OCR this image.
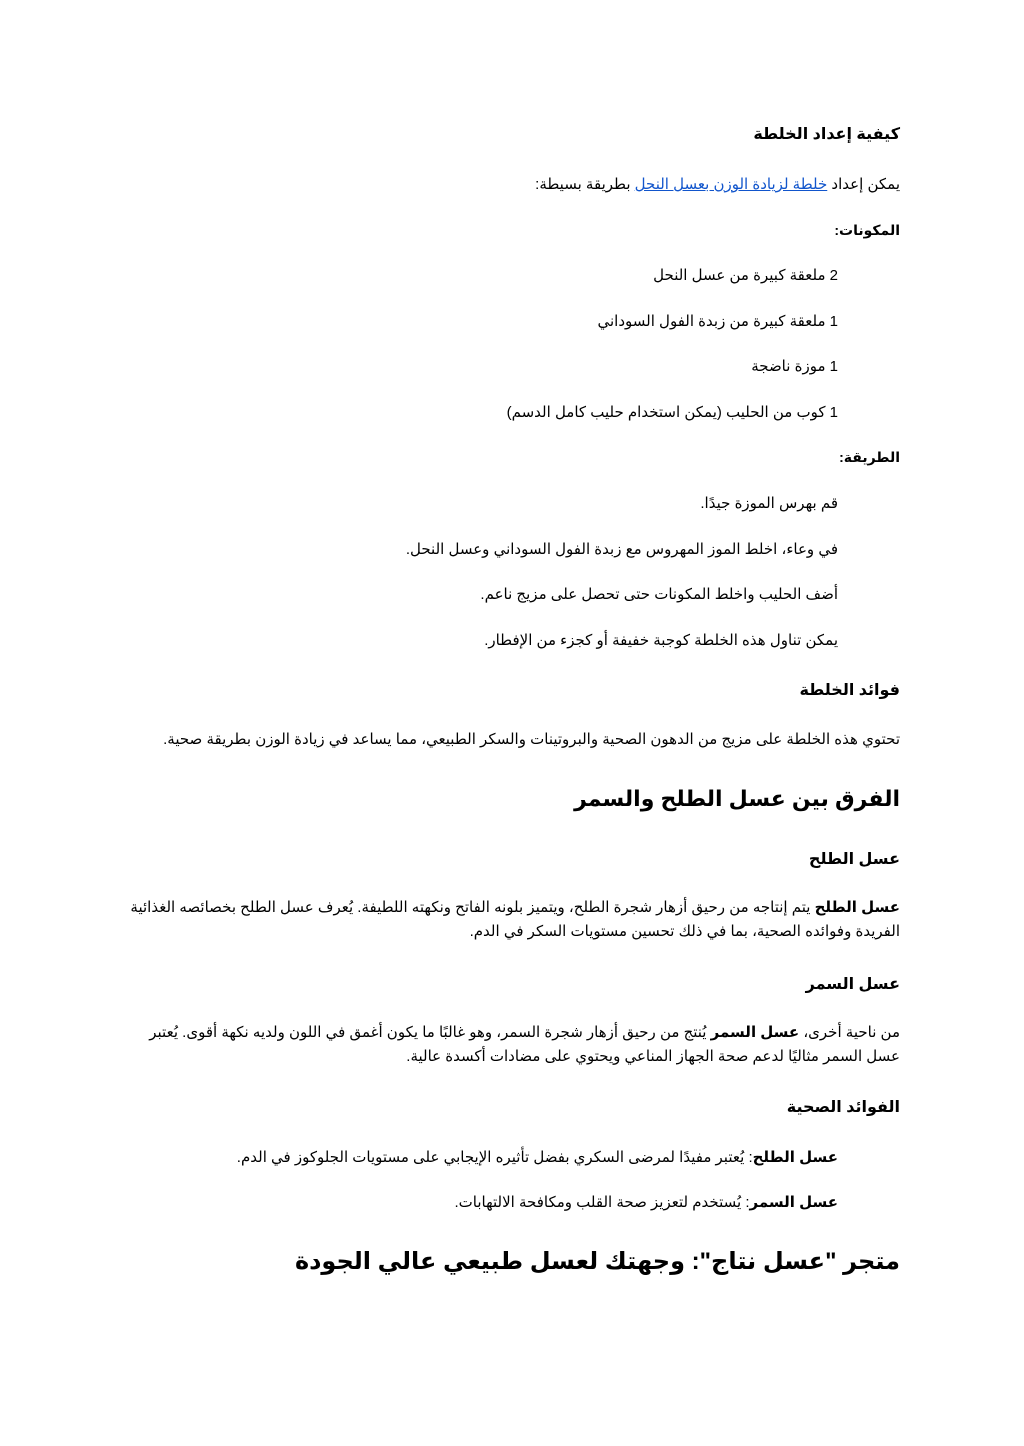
كيفية إعداد الخلطة

يمكن إعداد خلطة لزيادة الوزن بعسل النحل بطريقة بسيطة:

المكونات:

2 ملعقة كبيرة من عسل النحل

1 ملعقة كبيرة من زبدة الفول السوداني

1 موزة ناضجة

1 كوب من الحليب (يمكن استخدام حليب كامل الدسم)

الطريقة:

قم بهرس الموزة جيدًا.

في وعاء، اخلط الموز المهروس مع زبدة الفول السوداني وعسل النحل.

أضف الحليب واخلط المكونات حتى تحصل على مزيج ناعم.

يمكن تناول هذه الخلطة كوجبة خفيفة أو كجزء من الإفطار.

فوائد الخلطة

تحتوي هذه الخلطة على مزيج من الدهون الصحية والبروتينات والسكر الطبيعي، مما يساعد في زيادة الوزن بطريقة صحية.

الفرق بين عسل الطلح والسمر
عسل الطلح

عسل الطلح يتم إنتاجه من رحيق أزهار شجرة الطلح، ويتميز بلونه الفاتح ونكهته اللطيفة. يُعرف عسل الطلح بخصائصه الغذائية الفريدة وفوائده الصحية، بما في ذلك تحسين مستويات السكر في الدم.

عسل السمر

من ناحية أخرى، عسل السمر يُنتج من رحيق أزهار شجرة السمر، وهو غالبًا ما يكون أغمق في اللون ولديه نكهة أقوى. يُعتبر عسل السمر مثاليًا لدعم صحة الجهاز المناعي ويحتوي على مضادات أكسدة عالية.

الفوائد الصحية

عسل الطلح: يُعتبر مفيدًا لمرضى السكري بفضل تأثيره الإيجابي على مستويات الجلوكوز في الدم.

عسل السمر: يُستخدم لتعزيز صحة القلب ومكافحة الالتهابات.

متجر "عسل نتاج": وجهتك لعسل طبيعي عالي الجودة
